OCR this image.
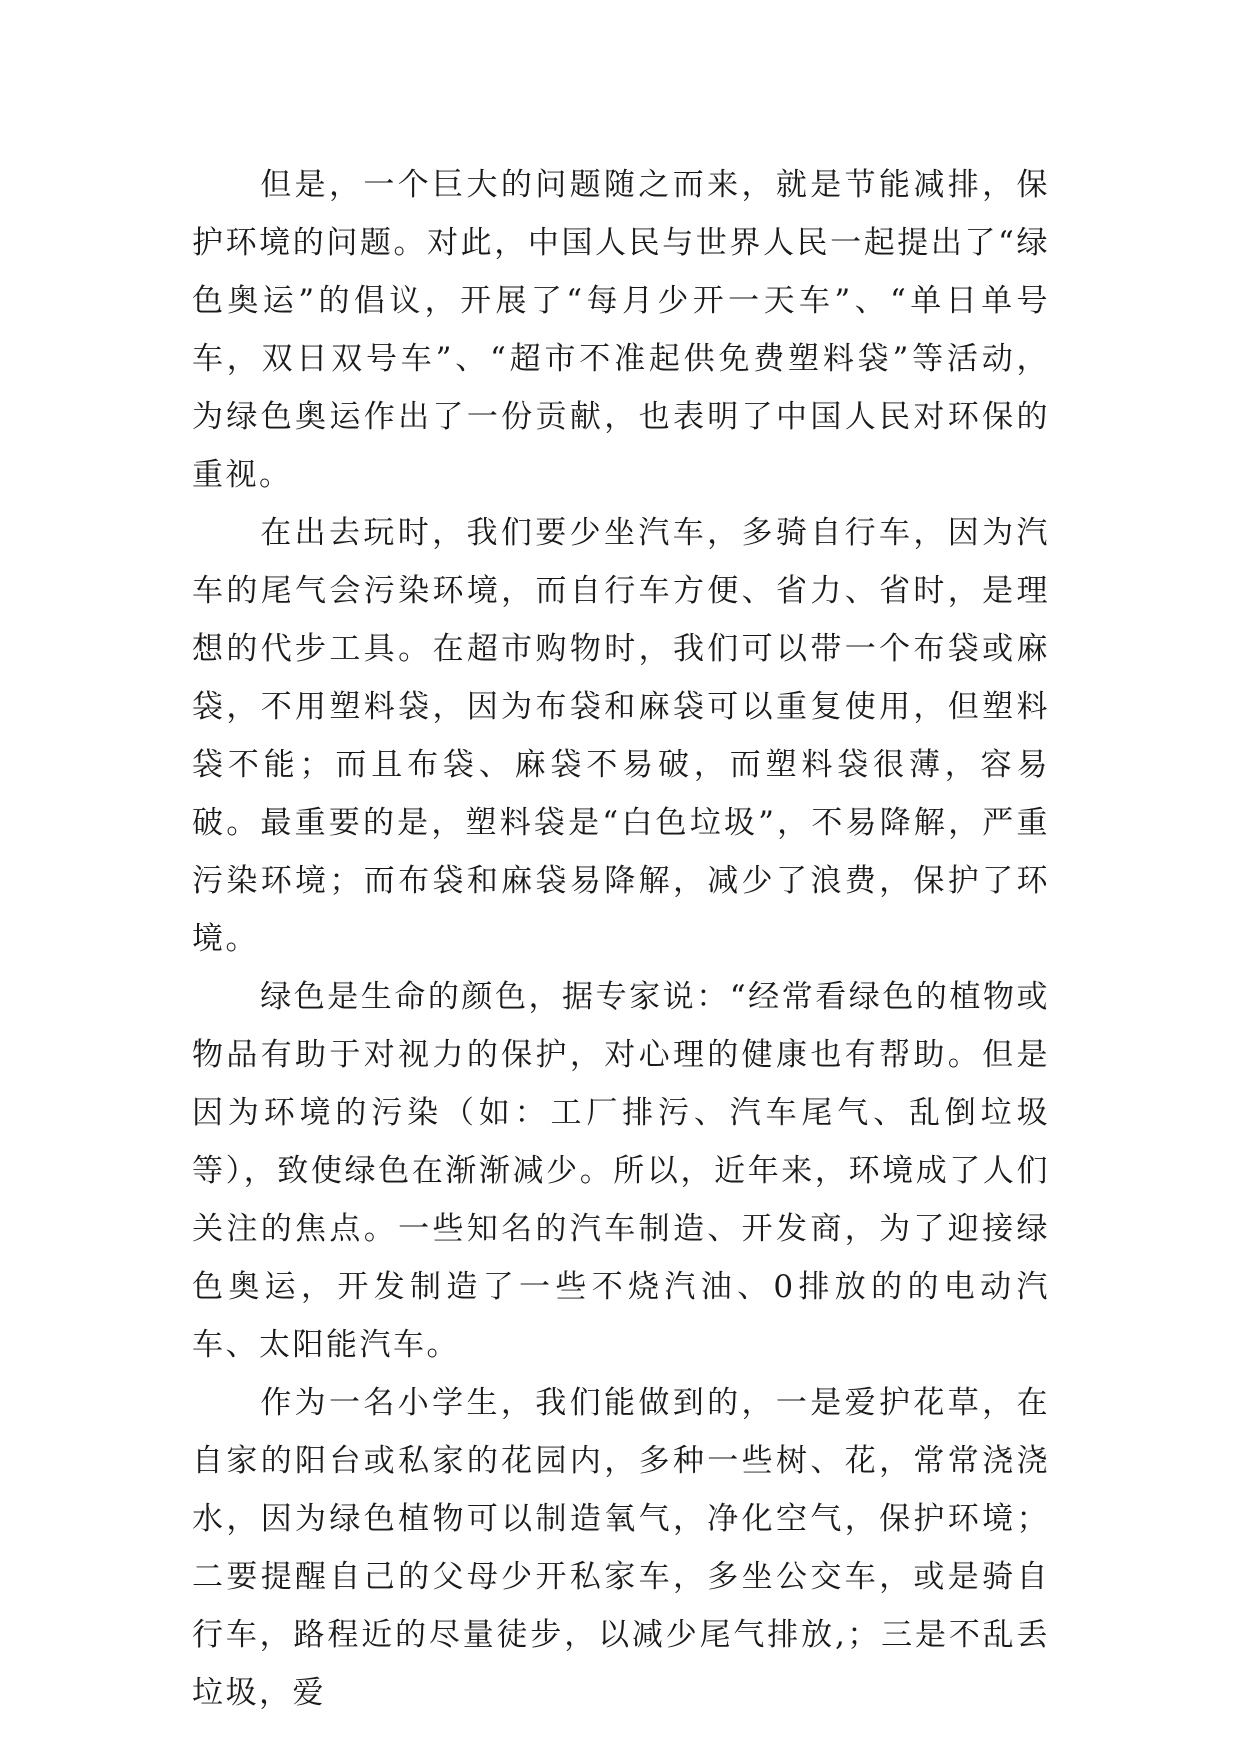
但是，一个巨大的问题随之而来，就是节能减排，保护环境的问题。对此，中国人民与世界人民一起提出了“绿色奥运”的倡议，开展了“每月少开一天车”、“单日单号车，双日双号车”、“超市不准起供免费塑料袋”等活动，为绿色奥运作出了一份贡献，也表明了中国人民对环保的重视。

在出去玩时，我们要少坐汽车，多骑自行车，因为汽车的尾气会污染环境，而自行车方便、省力、省时，是理想的代步工具。在超市购物时，我们可以带一个布袋或麻袋，不用塑料袋，因为布袋和麻袋可以重复使用，但塑料袋不能；而且布袋、麻袋不易破，而塑料袋很薄，容易破。最重要的是，塑料袋是“白色垃圾”，不易降解，严重污染环境；而布袋和麻袋易降解，减少了浪费，保护了环境。

绿色是生命的颜色，据专家说：“经常看绿色的植物或物品有助于对视力的保护，对心理的健康也有帮助。但是因为环境的污染（如：工厂排污、汽车尾气、乱倒垃圾等），致使绿色在渐渐减少。所以，近年来，环境成了人们关注的焦点。一些知名的汽车制造、开发商，为了迎接绿色奥运，开发制造了一些不烧汽油、0排放的的电动汽车、太阳能汽车。

作为一名小学生，我们能做到的，一是爱护花草，在自家的阳台或私家的花园内，多种一些树、花，常常浇浇水，因为绿色植物可以制造氧气，净化空气，保护环境；二要提醒自己的父母少开私家车，多坐公交车，或是骑自行车，路程近的尽量徒步，以减少尾气排放,；三是不乱丢垃圾，爱
